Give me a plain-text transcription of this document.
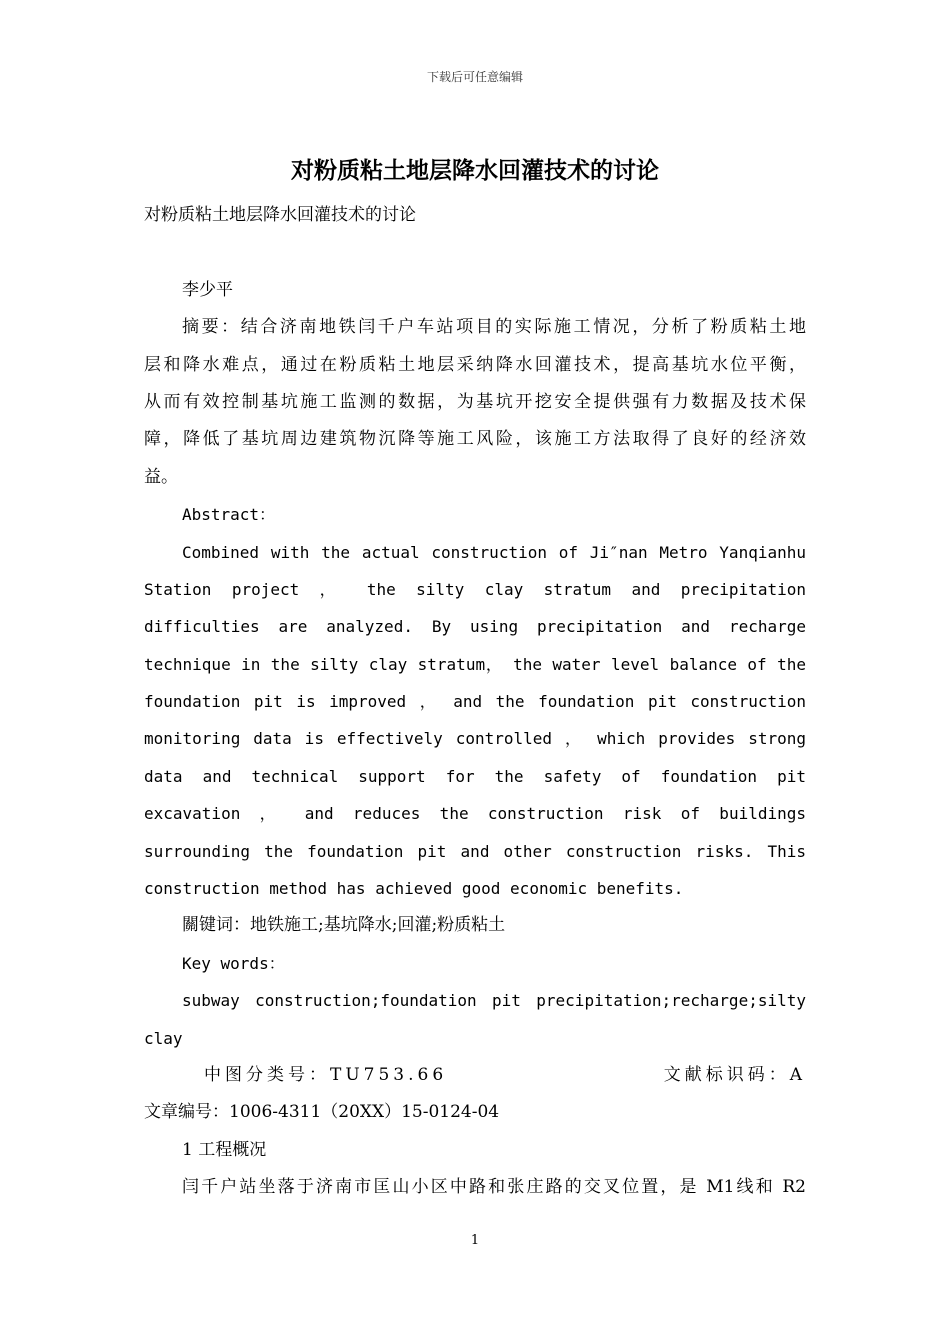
下载后可任意编辑
对粉质粘土地层降水回灌技术的讨论
对粉质粘土地层降水回灌技术的讨论
李少平
摘要：结合济南地铁闫千户车站项目的实际施工情况，分析了粉质粘土地
层和降水难点，通过在粉质粘土地层采纳降水回灌技术，提高基坑水位平衡，
从而有效控制基坑施工监测的数据，为基坑开挖安全提供强有力数据及技术保
障，降低了基坑周边建筑物沉降等施工风险，该施工方法取得了良好的经济效
益。
Abstract：
Combined with the actual construction of Ji″nan Metro Yanqianhu
Station project ， the silty clay stratum and precipitation
difficulties are analyzed. By using precipitation and recharge
technique in the silty clay stratum， the water level balance of the
foundation pit is improved ， and the foundation pit construction
monitoring data is effectively controlled ， which provides strong
data and technical support for the safety of foundation pit
excavation ， and reduces the construction risk of buildings
surrounding the foundation pit and other construction risks. This
construction method has achieved good economic benefits.
關键词：地铁施工;基坑降水;回灌;粉质粘土
Key words：
subway construction;foundation pit precipitation;recharge;silty
clay
中图分类号：TU753.66	文献标识码：A
文章编号：1006-4311（20XX）15-0124-04
1 工程概况
闫千户站坐落于济南市匡山小区中路和张庄路的交叉位置，是 M1线和 R2
1
